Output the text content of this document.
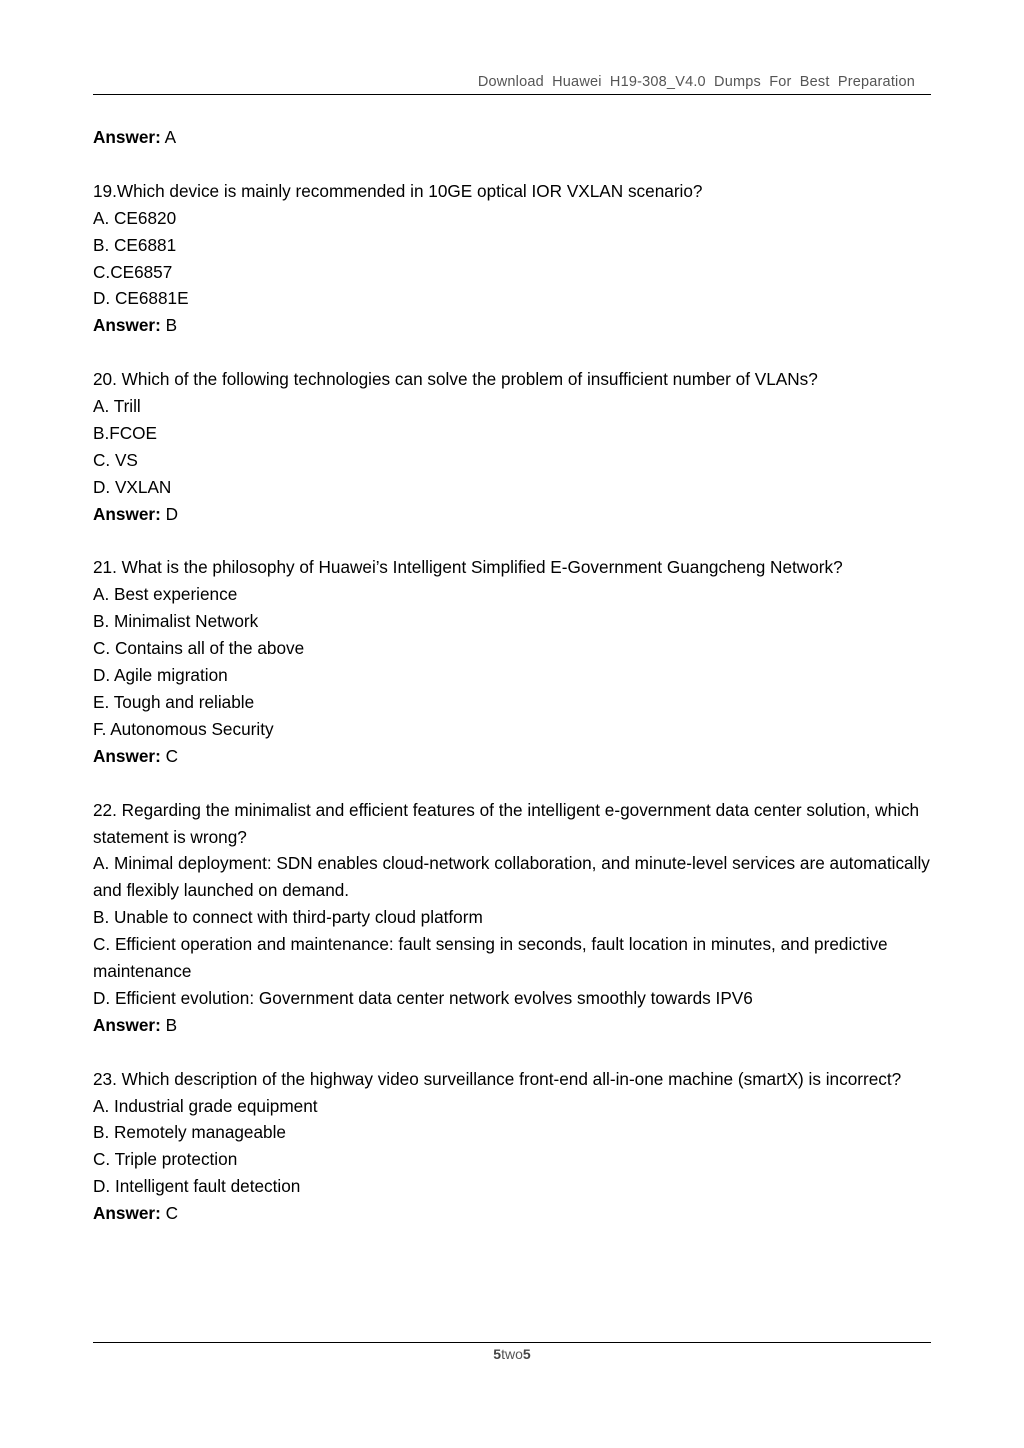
Download Huawei H19-308_V4.0 Dumps For Best Preparation
Answer: A
19.Which device is mainly recommended in 10GE optical IOR VXLAN scenario?
A. CE6820
B. CE6881
C.CE6857
D. CE6881E
Answer: B
20. Which of the following technologies can solve the problem of insufficient number of VLANs?
A. Trill
B.FCOE
C. VS
D. VXLAN
Answer: D
21. What is the philosophy of Huawei’s Intelligent Simplified E-Government Guangcheng Network?
A. Best experience
B. Minimalist Network
C. Contains all of the above
D. Agile migration
E. Tough and reliable
F. Autonomous Security
Answer: C
22. Regarding the minimalist and efficient features of the intelligent e-government data center solution, which statement is wrong?
A. Minimal deployment: SDN enables cloud-network collaboration, and minute-level services are automatically and flexibly launched on demand.
B. Unable to connect with third-party cloud platform
C. Efficient operation and maintenance: fault sensing in seconds, fault location in minutes, and predictive maintenance
D. Efficient evolution: Government data center network evolves smoothly towards IPV6
Answer: B
23. Which description of the highway video surveillance front-end all-in-one machine (smartX) is incorrect?
A. Industrial grade equipment
B. Remotely manageable
C. Triple protection
D. Intelligent fault detection
Answer: C
5two5
